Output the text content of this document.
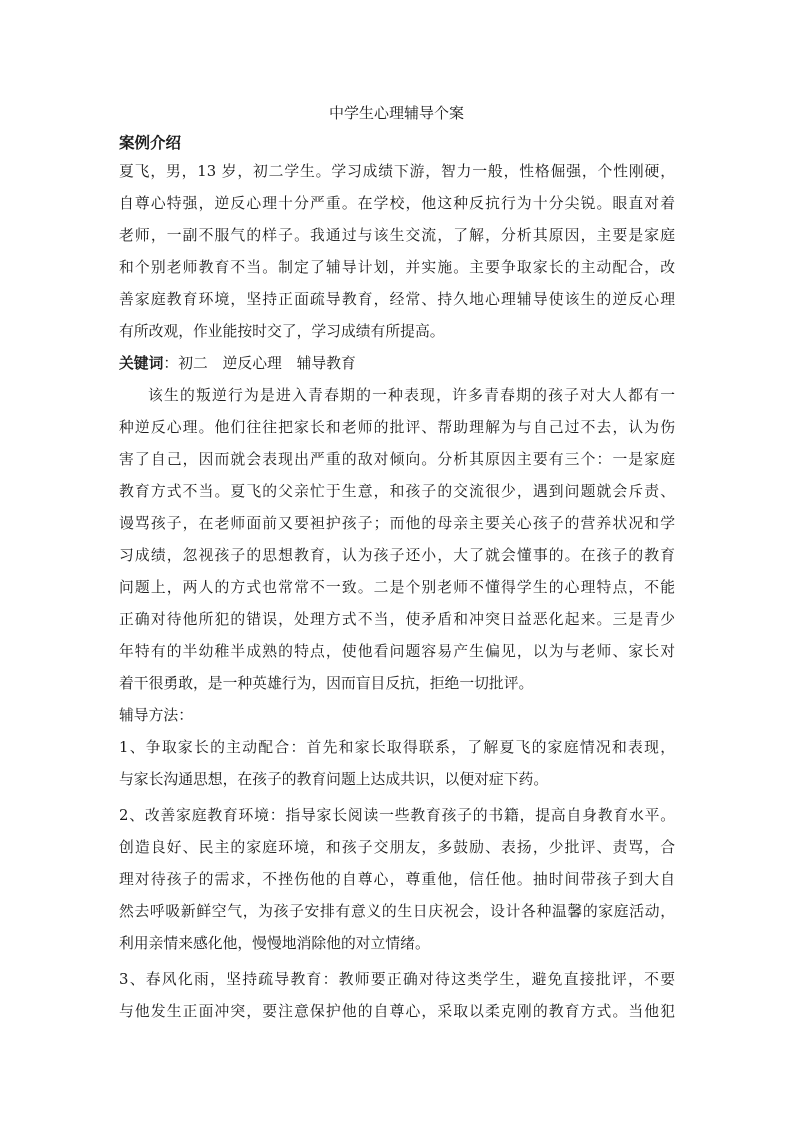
中学生心理辅导个案
案例介绍
夏飞，男，13 岁，初二学生。学习成绩下游，智力一般，性格倔强，个性刚硬，
自尊心特强，逆反心理十分严重。在学校，他这种反抗行为十分尖锐。眼直对着
老师，一副不服气的样子。我通过与该生交流，了解，分析其原因，主要是家庭
和个别老师教育不当。制定了辅导计划，并实施。主要争取家长的主动配合，改
善家庭教育环境，坚持正面疏导教育，经常、持久地心理辅导使该生的逆反心理
有所改观，作业能按时交了，学习成绩有所提高。
关键词：初二　逆反心理　辅导教育
该生的叛逆行为是进入青春期的一种表现，许多青春期的孩子对大人都有一
种逆反心理。他们往往把家长和老师的批评、帮助理解为与自己过不去，认为伤
害了自己，因而就会表现出严重的敌对倾向。分析其原因主要有三个：一是家庭
教育方式不当。夏飞的父亲忙于生意，和孩子的交流很少，遇到问题就会斥责、
谩骂孩子，在老师面前又要袒护孩子；而他的母亲主要关心孩子的营养状况和学
习成绩，忽视孩子的思想教育，认为孩子还小，大了就会懂事的。在孩子的教育
问题上，两人的方式也常常不一致。二是个别老师不懂得学生的心理特点，不能
正确对待他所犯的错误，处理方式不当，使矛盾和冲突日益恶化起来。三是青少
年特有的半幼稚半成熟的特点，使他看问题容易产生偏见，以为与老师、家长对
着干很勇敢，是一种英雄行为，因而盲目反抗，拒绝一切批评。
辅导方法：
1、争取家长的主动配合：首先和家长取得联系，了解夏飞的家庭情况和表现，
与家长沟通思想，在孩子的教育问题上达成共识，以便对症下药。
2、改善家庭教育环境：指导家长阅读一些教育孩子的书籍，提高自身教育水平。
创造良好、民主的家庭环境，和孩子交朋友，多鼓励、表扬，少批评、责骂，合
理对待孩子的需求，不挫伤他的自尊心，尊重他，信任他。抽时间带孩子到大自
然去呼吸新鲜空气，为孩子安排有意义的生日庆祝会，设计各种温馨的家庭活动，
利用亲情来感化他，慢慢地消除他的对立情绪。
3、春风化雨，坚持疏导教育：教师要正确对待这类学生，避免直接批评，不要
与他发生正面冲突，要注意保护他的自尊心，采取以柔克刚的教育方式。当他犯
